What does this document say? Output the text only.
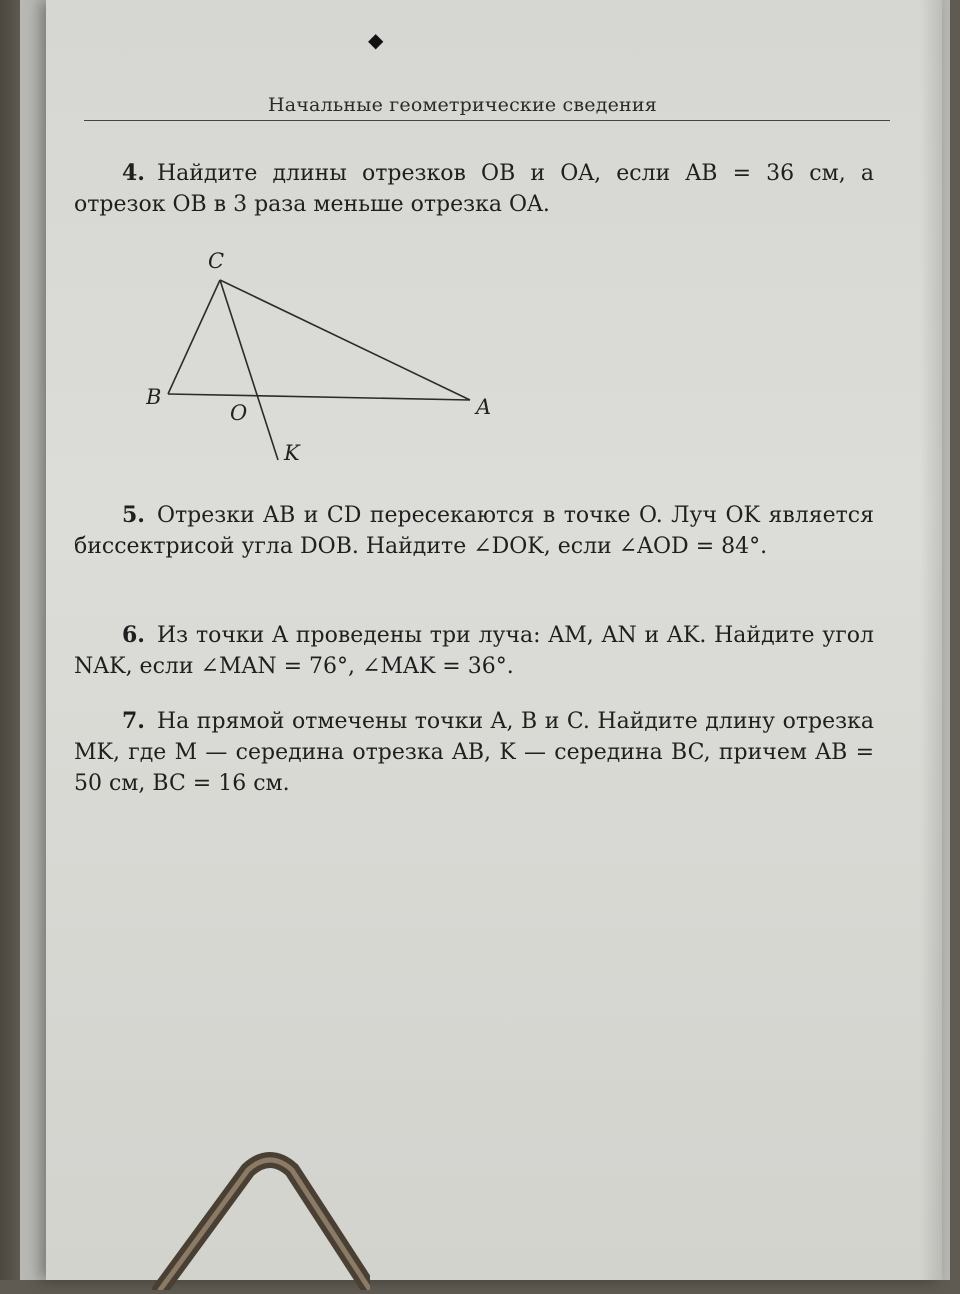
◆
Начальные геометрические сведения
4. Найдите длины отрезков OB и OA, если AB = 36 см, а отрезок OB в 3 раза меньше отрезка OA.
C
B
O	A
K
5. Отрезки AB и CD пересекаются в точке O. Луч OK является биссектрисой угла DOB. Найдите ∠DOK, если ∠AOD = 84°.
6. Из точки A проведены три луча: AM, AN и AK. Найдите угол NAK, если ∠MAN = 76°, ∠MAK = 36°.
7. На прямой отмечены точки A, B и C. Найдите длину отрезка MK, где M — середина отрезка AB, K — середина BC, причем AB = 50 см, BC = 16 см.
